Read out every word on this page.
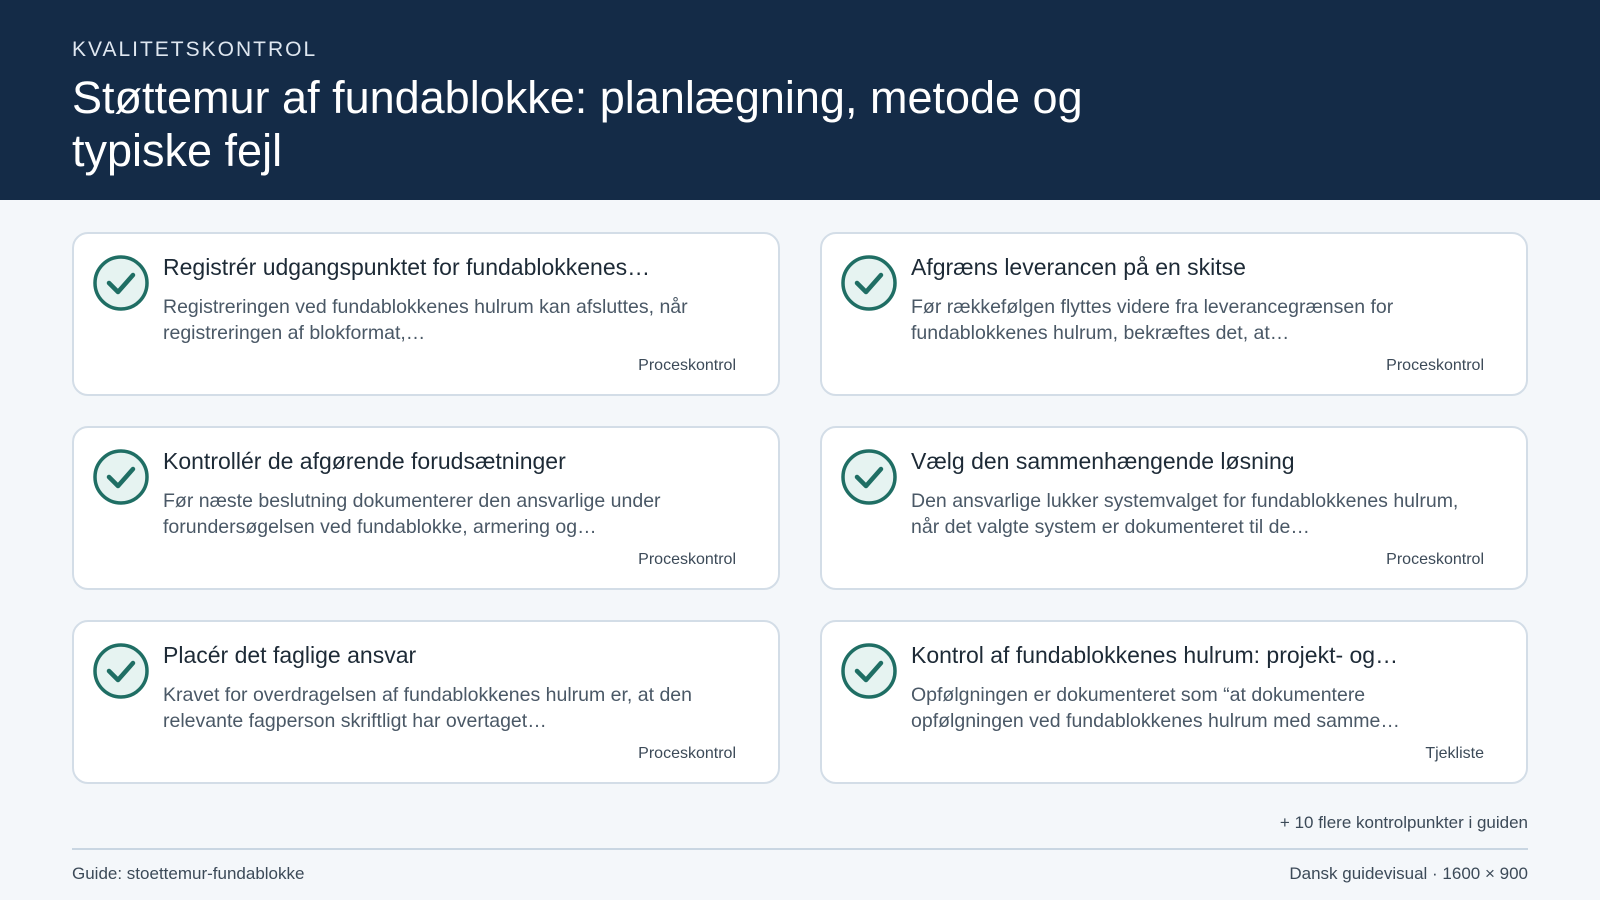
KVALITETSKONTROL
Støttemur af fundablokke: planlægning, metode og typiske fejl
Registrér udgangspunktet for fundablokkenes…
Registreringen ved fundablokkenes hulrum kan afsluttes, når registreringen af blokformat,…
Proceskontrol
Afgræns leverancen på en skitse
Før rækkefølgen flyttes videre fra leverancegrænsen for fundablokkenes hulrum, bekræftes det, at…
Proceskontrol
Kontrollér de afgørende forudsætninger
Før næste beslutning dokumenterer den ansvarlige under forundersøgelsen ved fundablokke, armering og…
Proceskontrol
Vælg den sammenhængende løsning
Den ansvarlige lukker systemvalget for fundablokkenes hulrum, når det valgte system er dokumenteret til de…
Proceskontrol
Placér det faglige ansvar
Kravet for overdragelsen af fundablokkenes hulrum er, at den relevante fagperson skriftligt har overtaget…
Proceskontrol
Kontrol af fundablokkenes hulrum: projekt- og…
Opfølgningen er dokumenteret som “at dokumentere opfølgningen ved fundablokkenes hulrum med samme…
Tjekliste
+ 10 flere kontrolpunkter i guiden
Guide: stoettemur-fundablokke	Dansk guidevisual · 1600 × 900
